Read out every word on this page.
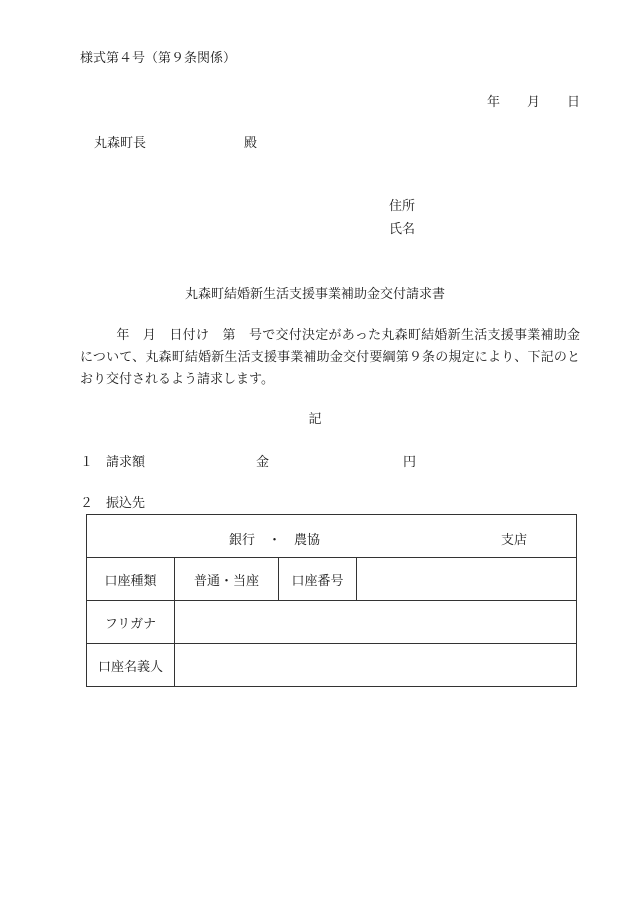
様式第４号（第９条関係）
年 月 日
丸森町長	殿
住所
氏名
丸森町結婚新生活支援事業補助金交付請求書
年　月　日付け　第　号で交付決定があった丸森町結婚新生活支援事業補助金について、丸森町結婚新生活支援事業補助金交付要綱第９条の規定により、下記のとおり交付されるよう請求します。
記
１ 請求額	金	円
２ 振込先
銀行　・　農協 支店			

口座種類	普通・当座	口座番号	
フリガナ			
口座名義人			
